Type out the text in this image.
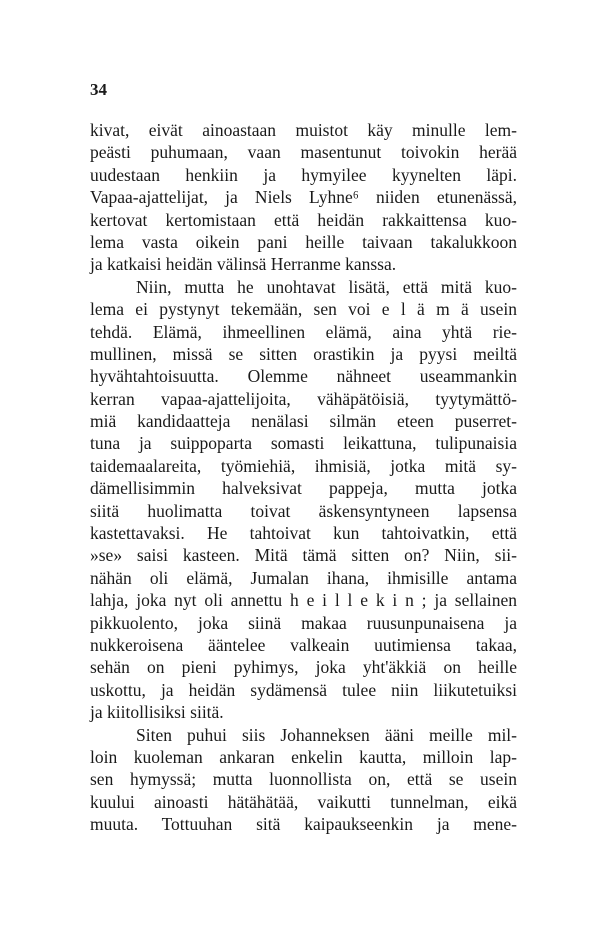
34
kivat, eivät ainoastaan muistot käy minulle lem-
peästi puhumaan, vaan masentunut toivokin herää
uudestaan henkiin ja hymyilee kyynelten läpi.
Vapaa-ajattelijat, ja Niels Lyhne⁶ niiden etunenässä,
kertovat kertomistaan että heidän rakkaittensa kuo-
lema vasta oikein pani heille taivaan takalukkoon
ja katkaisi heidän välinsä Herranme kanssa.
Niin, mutta he unohtavat lisätä, että mitä kuo-
lema ei pystynyt tekemään, sen voi e l ä m ä usein
tehdä. Elämä, ihmeellinen elämä, aina yhtä rie-
mullinen, missä se sitten orastikin ja pyysi meiltä
hyvähtahtoisuutta. Olemme nähneet useammankin
kerran vapaa-ajattelijoita, vähäpätöisiä, tyytymättö-
miä kandidaatteja nenälasi silmän eteen puserret-
tuna ja suippoparta somasti leikattuna, tulipunaisia
taidemaalareita, työmiehiä, ihmisiä, jotka mitä sy-
dämellisimmin halveksivat pappeja, mutta jotka
siitä huolimatta toivat äskensyntyneen lapsensa
kastettavaksi. He tahtoivat kun tahtoivatkin, että
»se» saisi kasteen. Mitä tämä sitten on? Niin, sii-
nähän oli elämä, Jumalan ihana, ihmisille antama
lahja, joka nyt oli annettu h e i l l e k i n ; ja sellainen
pikkuolento, joka siinä makaa ruusunpunaisena ja
nukkeroisena ääntelee valkeain uutimiensa takaa,
sehän on pieni pyhimys, joka yht'äkkiä on heille
uskottu, ja heidän sydämensä tulee niin liikutetuiksi
ja kiitollisiksi siitä.
Siten puhui siis Johanneksen ääni meille mil-
loin kuoleman ankaran enkelin kautta, milloin lap-
sen hymyssä; mutta luonnollista on, että se usein
kuului ainoasti hätähätää, vaikutti tunnelman, eikä
muuta. Tottuuhan sitä kaipaukseenkin ja mene-
